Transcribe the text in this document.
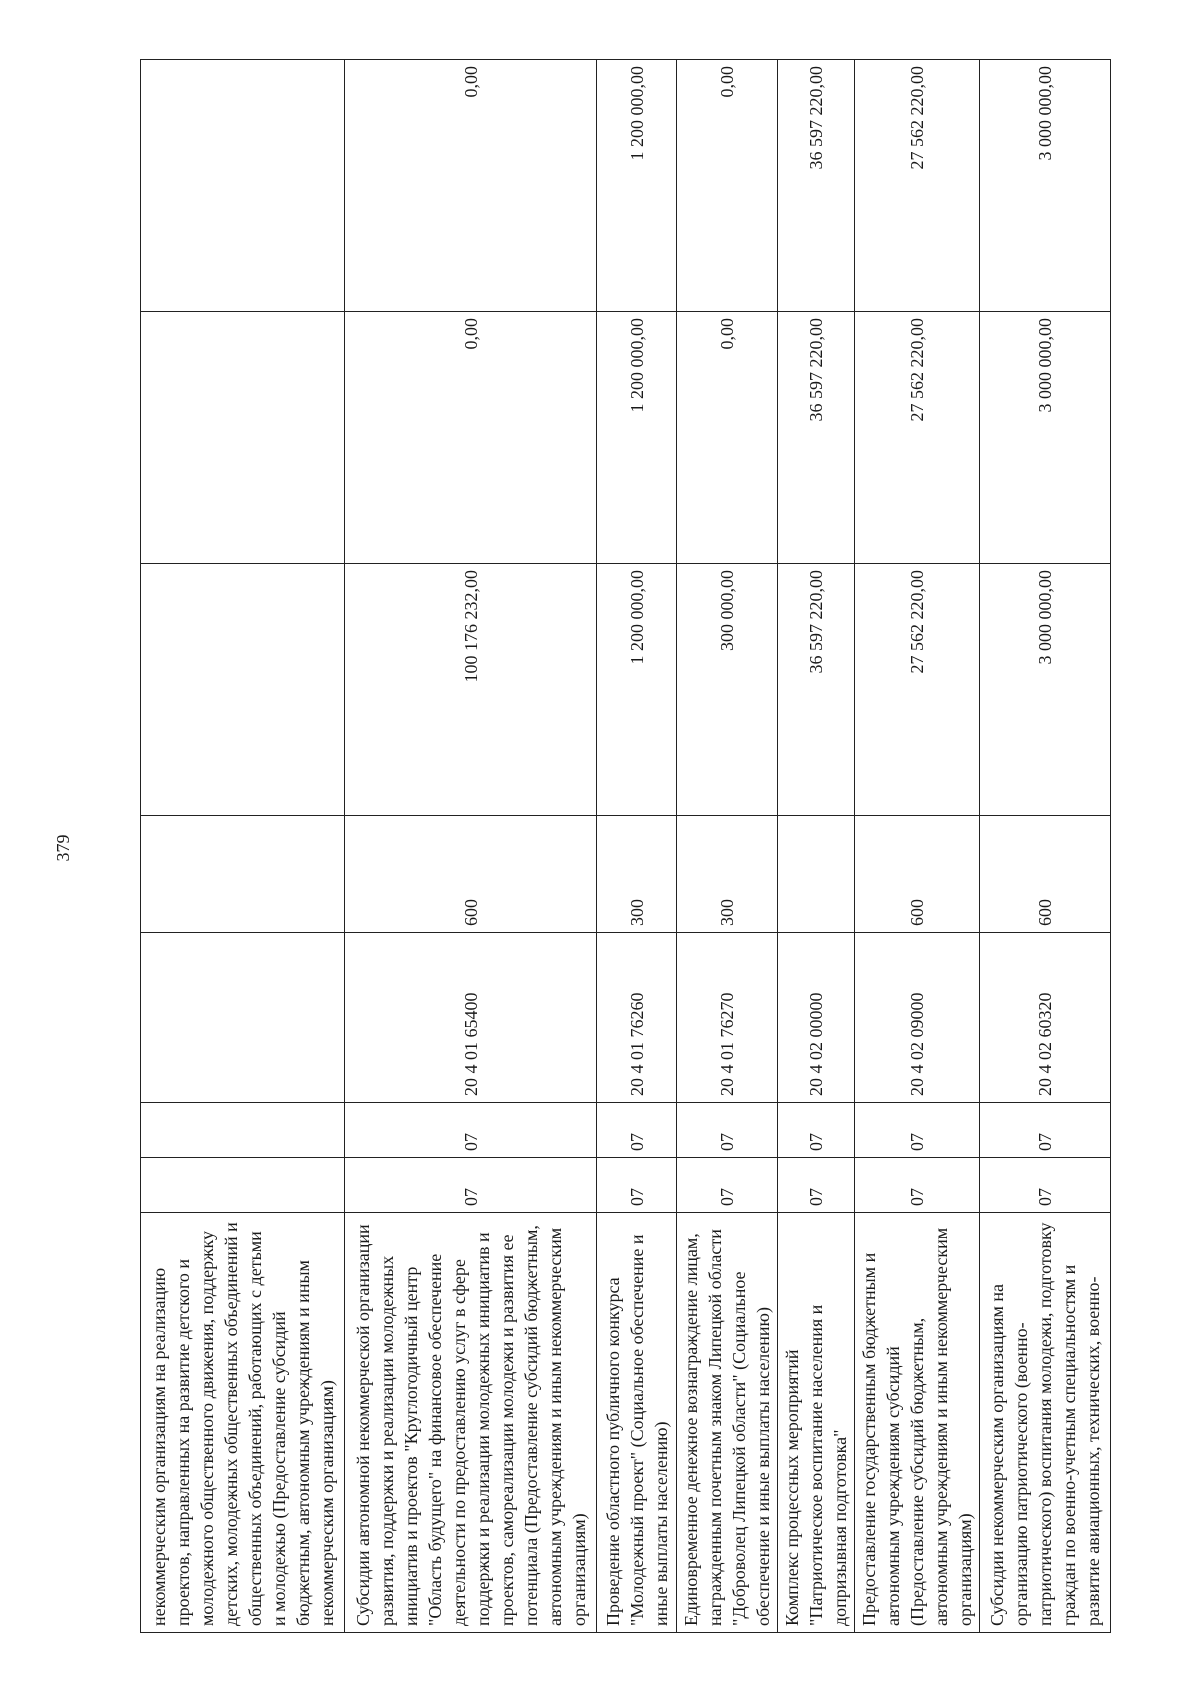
379
некоммерческим организациям на реализацию проектов, направленных на развитие детского и молодежного общественного движения, поддержку детских, молодежных общественных объединений и общественных объединений, работающих с детьми и молодежью (Предоставление субсидий бюджетным, автономным учреждениям и иным некоммерческим организациям)							
Субсидии автономной некоммерческой организации развития, поддержки и реализации молодежных инициатив и проектов "Круглогодичный центр "Область будущего" на финансовое обеспечение деятельности по предоставлению услуг в сфере поддержки и реализации молодежных инициатив и проектов, самореализации молодежи и развития ее потенциала (Предоставление субсидий бюджетным, автономным учреждениям и иным некоммерческим организациям)	07	07	20 4 01 65400	600	100 176 232,00	0,00	0,00
Проведение областного публичного конкурса "Молодежный проект" (Социальное обеспечение и иные выплаты населению)	07	07	20 4 01 76260	300	1 200 000,00	1 200 000,00	1 200 000,00
Единовременное денежное вознаграждение лицам, награжденным почетным знаком Липецкой области "Доброволец Липецкой области" (Социальное обеспечение и иные выплаты населению)	07	07	20 4 01 76270	300	300 000,00	0,00	0,00
Комплекс процессных мероприятий "Патриотическое воспитание населения и допризывная подготовка"	07	07	20 4 02 00000		36 597 220,00	36 597 220,00	36 597 220,00
Предоставление государственным бюджетным и автономным учреждениям субсидий (Предоставление субсидий бюджетным, автономным учреждениям и иным некоммерческим организациям)	07	07	20 4 02 09000	600	27 562 220,00	27 562 220,00	27 562 220,00
Субсидии некоммерческим организациям на организацию патриотического (военно-патриотического) воспитания молодежи, подготовку граждан по военно-учетным специальностям и развитие авиационных, технических, военно-	07	07	20 4 02 60320	600	3 000 000,00	3 000 000,00	3 000 000,00
